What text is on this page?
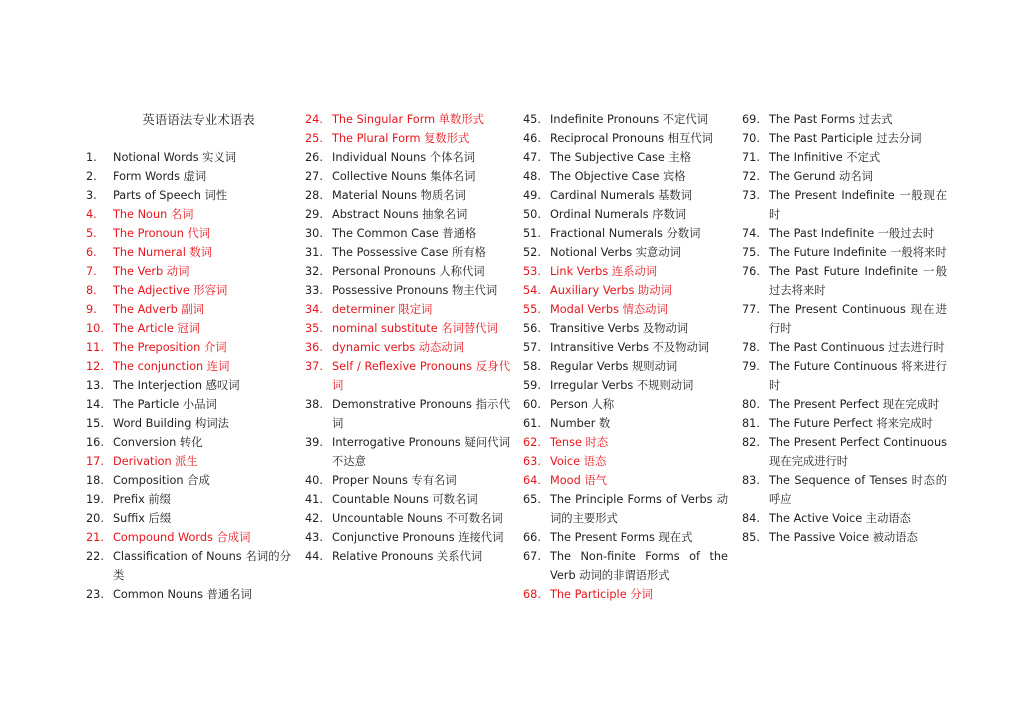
英语语法专业术语表
1.	Notional Words 实义词
2.	Form Words 虚词
3.	Parts of Speech 词性
4.	The Noun 名词
5.	The Pronoun 代词
6.	The Numeral 数词
7.	The Verb 动词
8.	The Adjective 形容词
9.	The Adverb 副词
10. The Article 冠词
11. The Preposition 介词
12. The conjunction 连词
13. The Interjection 感叹词
14. The Particle 小品词
15. Word Building 构词法
16. Conversion 转化
17. Derivation 派生
18. Composition 合成
19. Prefix 前缀
20. Suffix 后缀
21. Compound Words 合成词
22. Classification of Nouns 名词的分类
23. Common Nouns 普通名词
24. The Singular Form 单数形式
25. The Plural Form 复数形式
26. Individual Nouns 个体名词
27. Collective Nouns 集体名词
28. Material Nouns 物质名词
29. Abstract Nouns 抽象名词
30. The Common Case 普通格
31. The Possessive Case 所有格
32. Personal Pronouns 人称代词
33. Possessive Pronouns 物主代词
34. determiner 限定词
35. nominal substitute 名词替代词
36. dynamic verbs 动态动词
37. Self / Reflexive Pronouns 反身代词
38. Demonstrative Pronouns 指示代词
39. Interrogative Pronouns 疑问代词不达意
40. Proper Nouns 专有名词
41. Countable Nouns 可数名词
42. Uncountable Nouns 不可数名词
43. Conjunctive Pronouns 连接代词
44. Relative Pronouns 关系代词
45. Indefinite Pronouns 不定代词
46. Reciprocal Pronouns 相互代词
47. The Subjective Case 主格
48. The Objective Case 宾格
49. Cardinal Numerals 基数词
50. Ordinal Numerals 序数词
51. Fractional Numerals 分数词
52. Notional Verbs 实意动词
53. Link Verbs 连系动词
54. Auxiliary Verbs 助动词
55. Modal Verbs 情态动词
56. Transitive Verbs 及物动词
57. Intransitive Verbs 不及物动词
58. Regular Verbs 规则动词
59. Irregular Verbs 不规则动词
60. Person 人称
61. Number 数
62. Tense 时态
63. Voice 语态
64. Mood 语气
65. The Principle Forms of Verbs 动词的主要形式
66. The Present Forms 现在式
67. The Non-finite Forms of the Verb 动词的非谓语形式
68. The Participle 分词
69. The Past Forms 过去式
70. The Past Participle 过去分词
71. The Infinitive 不定式
72. The Gerund 动名词
73. The Present Indefinite 一般现在时
74. The Past Indefinite 一般过去时
75. The Future Indefinite 一般将来时
76. The Past Future Indefinite 一般过去将来时
77. The Present Continuous 现在进行时
78. The Past Continuous 过去进行时
79. The Future Continuous 将来进行时
80. The Present Perfect 现在完成时
81. The Future Perfect 将来完成时
82. The Present Perfect Continuous 现在完成进行时
83. The Sequence of Tenses 时态的呼应
84. The Active Voice 主动语态
85. The Passive Voice 被动语态
